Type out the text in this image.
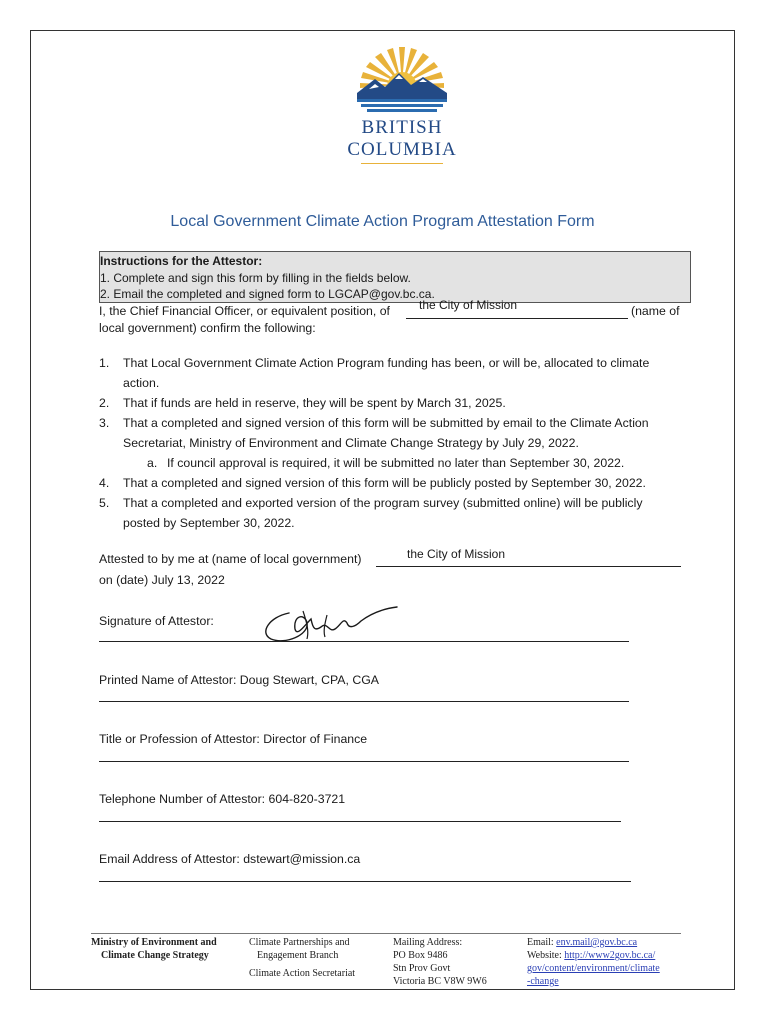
BRITISH
COLUMBIA
Local Government Climate Action Program Attestation Form
Instructions for the Attestor:
1. Complete and sign this form by filling in the fields below.
2. Email the completed and signed form to LGCAP@gov.bc.ca.
I, the Chief Financial Officer, or equivalent position, of the City of Mission	(name of
local government) confirm the following:
1. That Local Government Climate Action Program funding has been, or will be, allocated to climate
action.
2. That if funds are held in reserve, they will be spent by March 31, 2025.
3. That a completed and signed version of this form will be submitted by email to the Climate Action
Secretariat, Ministry of Environment and Climate Change Strategy by July 29, 2022.
a. If council approval is required, it will be submitted no later than September 30, 2022.
4. That a completed and signed version of this form will be publicly posted by September 30, 2022.
5. That a completed and exported version of the program survey (submitted online) will be publicly
posted by September 30, 2022.
Attested to by me at (name of local government)	the City of Mission
on (date) July 13, 2022
Signature of Attestor:
Printed Name of Attestor: Doug Stewart, CPA, CGA
Title or Profession of Attestor: Director of Finance
Telephone Number of Attestor: 604-820-3721
Email Address of Attestor: dstewart@mission.ca
Ministry of Environment and
Climate Change Strategy
Climate Partnerships and
Engagement Branch
Climate Action Secretariat
Mailing Address:
PO Box 9486
Stn Prov Govt
Victoria BC V8W 9W6
Email: env.mail@gov.bc.ca
Website: http://www2gov.bc.ca/
gov/content/environment/climate
-change
